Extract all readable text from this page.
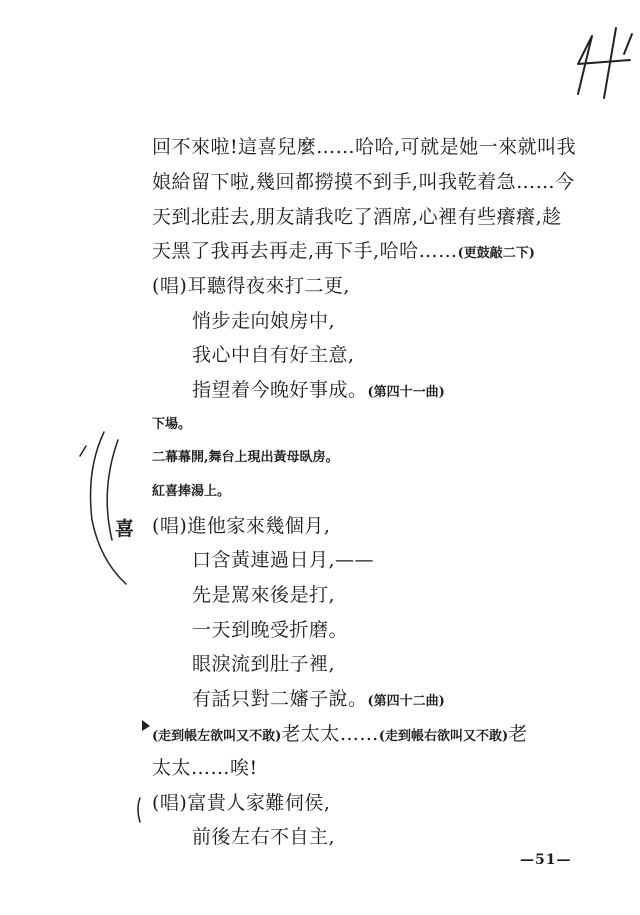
回不來啦!這喜兒麼……哈哈,可就是她一來就叫我
娘給留下啦,幾回都撈摸不到手,叫我乾着急……今
天到北莊去,朋友請我吃了酒席,心裡有些癢癢,趁
天黑了我再去再走,再下手,哈哈……(更鼓敲二下)
(唱)耳聽得夜來打二更,
悄步走向娘房中,
我心中自有好主意,
指望着今晚好事成。(第四十一曲)
下場。
二幕幕開,舞台上現出黃母臥房。
紅喜捧湯上。
喜 (唱)進他家來幾個月,
口含黃連過日月,——
先是罵來後是打,
一天到晚受折磨。
眼淚流到肚子裡,
有話只對二嬸子說。(第四十二曲)
(走到帳左欲叫又不敢)老太太……(走到帳右欲叫又不敢)老
太太……唉!
(唱)富貴人家難伺侯,
前後左右不自主,
—51—
